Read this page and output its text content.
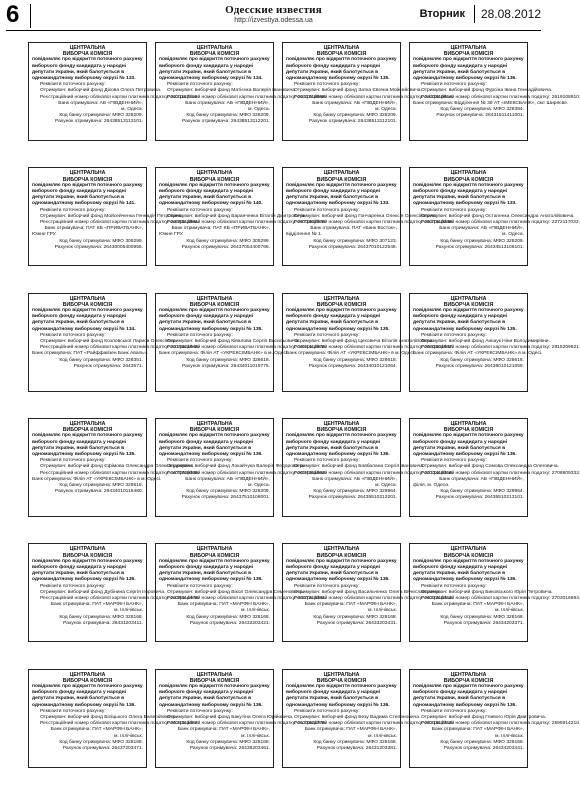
6	Одесские известия
http://izvestiya.odessa.ua
Вторник	28.08.2012
ЦЕНТРАЛЬНА
ВИБОРЧА КОМІСІЯ
повідомляє про відкриття поточного рахунку виборчого фонду кандидата у народні депутати України, який балотується в одномандатному виборчому окрузі № 133.
Реквізити поточного рахунку:
Отримувач: виборчий фонд Діхова Олега Петровича.
Реєстраційний номер облікової картки платника податку: 3221117216.
Банк отримувача: АБ «ПІВДЕННИЙ»,
м. Одеса.
Код банку отримувача: МФО 328209.
Рахунок отримувача: 26438513113101.
ЦЕНТРАЛЬНА
ВИБОРЧА КОМІСІЯ
повідомляє про відкриття поточного рахунку виборчого фонду кандидата у народні депутати України, який балотується в одномандатному виборчому окрузі № 134.
Реквізити поточного рахунку:
Отримувач: виборчий фонд Матієнка Валерія Івановича.
Реєстраційний номер облікової картки платника податку: 2242718558.
Банк отримувача: АБ «ПІВДЕННИЙ»,
м. Одеса.
Код банку отримувача: МФО 328209.
Рахунок отримувача: 26438513112201.
ЦЕНТРАЛЬНА
ВИБОРЧА КОМІСІЯ
повідомляє про відкриття поточного рахунку виборчого фонду кандидата у народні депутати України, який балотується в одномандатному виборчому окрузі № 135.
Реквізити поточного рахунку:
Отримувач: виборчий фонд Затка Євгена Мойсейовича.
Реєстраційний номер облікової картки платника податку: 2443810814.
Банк отримувача: АБ «ПІВДЕННИЙ»,
м. Одеса.
Код банку отримувача: МФО 328209.
Рахунок отримувача: 26438513112101.
ЦЕНТРАЛЬНА
ВИБОРЧА КОМІСІЯ
повідомляє про відкриття поточного рахунку виборчого фонду кандидата у народні депутати України, який балотується в одномандатному виборчому окрузі № 136.
Реквізити поточного рахунку:
Отримувач: виборчий фонд Фурсіна Івана Геннадійовича.
Реєстраційний номер облікової картки платника податку: 2619108910.
Банк отримувача: Відділення № 38 АТ «ІМЕКСБАНК», смт Шиpяєве.
Код банку отримувача: МФО 328384.
Рахунок отримувача: 26431511411001.
ЦЕНТРАЛЬНА
ВИБОРЧА КОМІСІЯ
повідомляє про відкриття поточного рахунку виборчого фонду кандидата у народні депутати України, який балотується в одномандатному виборчому окрузі № 141.
Реквізити поточного рахунку:
Отримувач: виборчий фонд Мойсейченка Геннадія Петровича.
Реєстраційний номер облікової картки платника податку: 2408513991.
Банк отримувача: ПАТ КБ «ПРИВАТБАНК»,
Южне ГРУ.
Код банку отримувача: МФО 305299.
Рахунок отримувача: 26430005400956.
ЦЕНТРАЛЬНА
ВИБОРЧА КОМІСІЯ
повідомляє про відкриття поточного рахунку виборчого фонду кандидата у народні депутати України, який балотується в одномандатному виборчому окрузі № 140.
Реквізити поточного рахунку:
Отримувач: виборчий фонд Баранченка Віталія Дмитровича.
Реєстраційний номер облікової картки платника податку: 2973907070.
Банк отримувача: ПАТ КБ «ПРИВАТБАНК»,
Южне ГРУ.
Код банку отримувача: МФО 305299.
Рахунок отримувача: 26437054400766.
ЦЕНТРАЛЬНА
ВИБОРЧА КОМІСІЯ
повідомляє про відкриття поточного рахунку виборчого фонду кандидата у народні депутати України, який балотується в одномандатному виборчому окрузі № 133.
Реквізити поточного рахунку:
Отримувач: виборчий фонд Гончаренка Олексія Олексійовича.
Реєстраційний номер облікової картки платника податку: 2947910239.
Банк отримувача: ПАТ «Банк Восток»,
відділення № 1.
Код банку отримувача: МФО 307123.
Рахунок отримувача: 26437010122548.
ЦЕНТРАЛЬНА
ВИБОРЧА КОМІСІЯ
повідомляє про відкриття поточного рахунку виборчого фонду кандидата у народні депутати України, який балотується в одномандатному виборчому окрузі № 133.
Реквізити поточного рахунку:
Отримувач: виборчий фонд Остапенка Олександра Анатолійовича.
Реєстраційний номер облікової картки платника податку: 2272117032.
Банк отримувача: АБ «ПІВДЕННИЙ»,
м. Одеса.
Код банку отримувача: МФО 328209.
Рахунок отримувача: 26434513106101.
ЦЕНТРАЛЬНА
ВИБОРЧА КОМІСІЯ
повідомляє про відкриття поточного рахунку виборчого фонду кандидата у народні депутати України, який балотується в одномандатному виборчому окрузі № 134.
Реквізити поточного рахунку:
Отримувач: виборчий фонд Козловської Лариси Олексіївни.
Реєстраційний номер облікової картки платника податку: 2310921048.
Банк отримувача: ПАТ «Райффайзен Банк Аваль».
Код банку отримувача: МФО 328351.
Рахунок отримувача: 2643571.
ЦЕНТРАЛЬНА
ВИБОРЧА КОМІСІЯ
повідомляє про відкриття поточного рахунку виборчого фонду кандидата у народні депутати України, який балотується в одномандатному виборчому окрузі № 135.
Реквізити поточного рахунку:
Отримувач: виборчий фонд Ківалова Сергія Васильовича.
Реєстраційний номер облікової картки платника податку: 1984412570.
Банк отримувача: Філія АТ «УКРЕКСІМБАНК» в м. Одесі.
Код банку отримувача: МФО 328618.
Рахунок отримувача: 26434011019775.
ЦЕНТРАЛЬНА
ВИБОРЧА КОМІСІЯ
повідомляє про відкриття поточного рахунку виборчого фонду кандидата у народні депутати України, який балотується в одномандатному виборчому окрузі № 135.
Реквізити поточного рахунку:
Отримувач: виборчий фонд Цеховича Віталія Анатолійовича.
Реєстраційний номер облікової картки платника податку: 2563501837.
Банк отримувача: Філія АТ «УКРЕКСІМБАНК» в м. Одесі.
Код банку отримувача: МФО 328618.
Рахунок отримувача: 26434010121064.
ЦЕНТРАЛЬНА
ВИБОРЧА КОМІСІЯ
повідомляє про відкриття поточного рахунку виборчого фонду кандидата у народні депутати України, який балотується в одномандатному виборчому окрузі № 135.
Реквізити поточного рахунку:
Отримувач: виборчий фонд Анішук Ніни Володимирівни.
Реєстраційний номер облікової картки платника податку: 2815209621.
Банк отримувача: Філія АТ «УКРЕКСІМБАНК» в м. Одесі.
Код банку отримувача: МФО 328618.
Рахунок отримувача: 26438010121059.
ЦЕНТРАЛЬНА
ВИБОРЧА КОМІСІЯ
повідомляє про відкриття поточного рахунку виборчого фонду кандидата у народні депутати України, який балотується в одномандатному виборчому окрузі № 135.
Реквізити поточного рахунку:
Отримувач: виборчий фонд Єфімова Олександра Олександровича.
Реєстраційний номер облікової картки платника податку: 1670729335.
Банк отримувача: Філія АТ «УКРЕКСІМБАНК» в м. Одесі.
Код банку отримувача: МФО 328618.
Рахунок отримувача: 26434010115480.
ЦЕНТРАЛЬНА
ВИБОРЧА КОМІСІЯ
повідомляє про відкриття поточного рахунку виборчого фонду кандидата у народні депутати України, який балотується в одномандатному виборчому окрузі № 136.
Реквізити поточного рахунку:
Отримувач: виборчий фонд Локайчука Валерія Федоровича.
Реєстраційний номер облікової картки платника податку: 2084051553.
Банк отримувача: АБ «ПІВДЕННИЙ»,
м. Одеса.
Код банку отримувача: МФО 328209.
Рахунок отримувача: 26437510106001.
ЦЕНТРАЛЬНА
ВИБОРЧА КОМІСІЯ
повідомляє про відкриття поточного рахунку виборчого фонду кандидата у народні депутати України, який балотується в одномандатному виборчому окрузі № 136.
Реквізити поточного рахунку:
Отримувач: виборчий фонд Бовбалана Сергія Івановича.
Реєстраційний номер облікової картки платника податку: 2313418316.
Банк отримувача: АБ «ПІВДЕННИЙ»,
м. Одеса.
Код банку отримувача: МФО 328964.
Рахунок отримувача: 26435510213201.
ЦЕНТРАЛЬНА
ВИБОРЧА КОМІСІЯ
повідомляє про відкриття поточного рахунку виборчого фонду кандидата у народні депутати України, який балотується в одномандатному виборчому окрузі № 136.
Реквізити поточного рахунку:
Отримувач: виборчий фонд Сомова Олександра Олеговича.
Реєстраційний номер облікової картки платника податку: 2708609332.
Банк отримувача: АБ «ПІВДЕННИЙ»,
філія, м. Одеса.
Код банку отримувача: МФО 328964.
Рахунок отримувача: 26435510213101.
ЦЕНТРАЛЬНА
ВИБОРЧА КОМІСІЯ
повідомляє про відкриття поточного рахунку виборчого фонду кандидата у народні депутати України, який балотується в одномандатному виборчому окрузі № 136.
Реквізити поточного рахунку:
Отримувач: виборчий фонд Дубінина Сергія Ігоровича.
Реєстраційний номер облікової картки платника податку: 2436014479.
Банк отримувача: ПАТ «МАРФІН БАНК»,
м. Іллічівськ.
Код банку отримувача: МФО 328168.
Рахунок отримувача: 26431203411.
ЦЕНТРАЛЬНА
ВИБОРЧА КОМІСІЯ
повідомляє про відкриття поточного рахунку виборчого фонду кандидата у народні депутати України, який балотується в одномандатному виборчому окрузі № 136.
Реквізити поточного рахунку:
Отримувач: виборчий фонд Вікол Олександра Семеновича.
Реєстраційний номер облікової картки платника податку: 3367213391.
Банк отримувача: ПАТ «МАРФІН БАНК»,
м. Іллічівськ.
Код банку отримувача: МФО 328168.
Рахунок отримувача: 26432203421.
ЦЕНТРАЛЬНА
ВИБОРЧА КОМІСІЯ
повідомляє про відкриття поточного рахунку виборчого фонду кандидата у народні депутати України, який балотується в одномандатному виборчому окрузі № 136.
Реквізити поточного рахунку:
Отримувач: виборчий фонд Васильченко Олега Вячеславовича.
Реєстраційний номер облікової картки платника податку: 2922216312.
Банк отримувача: ПАТ «МАРФІН БАНК»,
м. Іллічівськ.
Код банку отримувача: МФО 328168.
Рахунок отримувача: 26433203431.
ЦЕНТРАЛЬНА
ВИБОРЧА КОМІСІЯ
повідомляє про відкриття поточного рахунку виборчого фонду кандидата у народні депутати України, який балотується в одномандатному виборчому окрузі № 136.
Реквізити поточного рахунку:
Отримувач: виборчий фонд Биковського Юрія Петровича.
Реєстраційний номер облікової картки платника податку: 2703016694.
Банк отримувача: ПАТ «МАРФІН БАНК»,
м. Іллічівськ.
Код банку отримувача: МФО 328168.
Рахунок отримувача: 26434203371.
ЦЕНТРАЛЬНА
ВИБОРЧА КОМІСІЯ
повідомляє про відкриття поточного рахунку виборчого фонду кандидата у народні депутати України, який балотується в одномандатному виборчому окрузі № 136.
Реквізити поточного рахунку:
Отримувач: виборчий фонд Біліцького Олега Валерійовича.
Реєстраційний номер облікової картки платника податку: 2534011657.
Банк отримувача: ПАТ «МАРФІН БАНК»,
м. Іллічівськ.
Код банку отримувача: МФО 328168.
Рахунок отримувача: 26437203471.
ЦЕНТРАЛЬНА
ВИБОРЧА КОМІСІЯ
повідомляє про відкриття поточного рахунку виборчого фонду кандидата у народні депутати України, який балотується в одномандатному виборчому окрузі № 136.
Реквізити поточного рахунку:
Отримувач: виборчий фонд Бакутіна Олега Юрійовича.
Реєстраційний номер облікової картки платника податку: 2123822775.
Банк отримувача: ПАТ «МАРФІН БАНК»,
м. Іллічівськ.
Код банку отримувача: МФО 328168.
Рахунок отримувача: 26436203461.
ЦЕНТРАЛЬНА
ВИБОРЧА КОМІСІЯ
повідомляє про відкриття поточного рахунку виборчого фонду кандидата у народні депутати України, який балотується в одномандатному виборчому окрузі № 136.
Реквізити поточного рахунку:
Отримувач: виборчий фонд Безу Вадима Степановича.
Реєстраційний номер облікової картки платника податку: 2921517213.
Банк отримувача: ПАТ «МАРФІН БАНК»,
м. Іллічівськ.
Код банку отримувача: МФО 328168.
Рахунок отримувача: 26431203381.
ЦЕНТРАЛЬНА
ВИБОРЧА КОМІСІЯ
повідомляє про відкриття поточного рахунку виборчого фонду кандидата у народні депутати України, який балотується в одномандатному виборчому окрузі № 136.
Реквізити поточного рахунку:
Отримувач: виборчий фонд Гливого Юрія Дмитровича.
Реєстраційний номер облікової картки платника податку: 2595914210.
Банк отримувача: ПАТ «МАРФІН БАНК»,
м. Іллічівськ.
Код банку отримувача: МФО 328168.
Рахунок отримувача: 26434203441.
